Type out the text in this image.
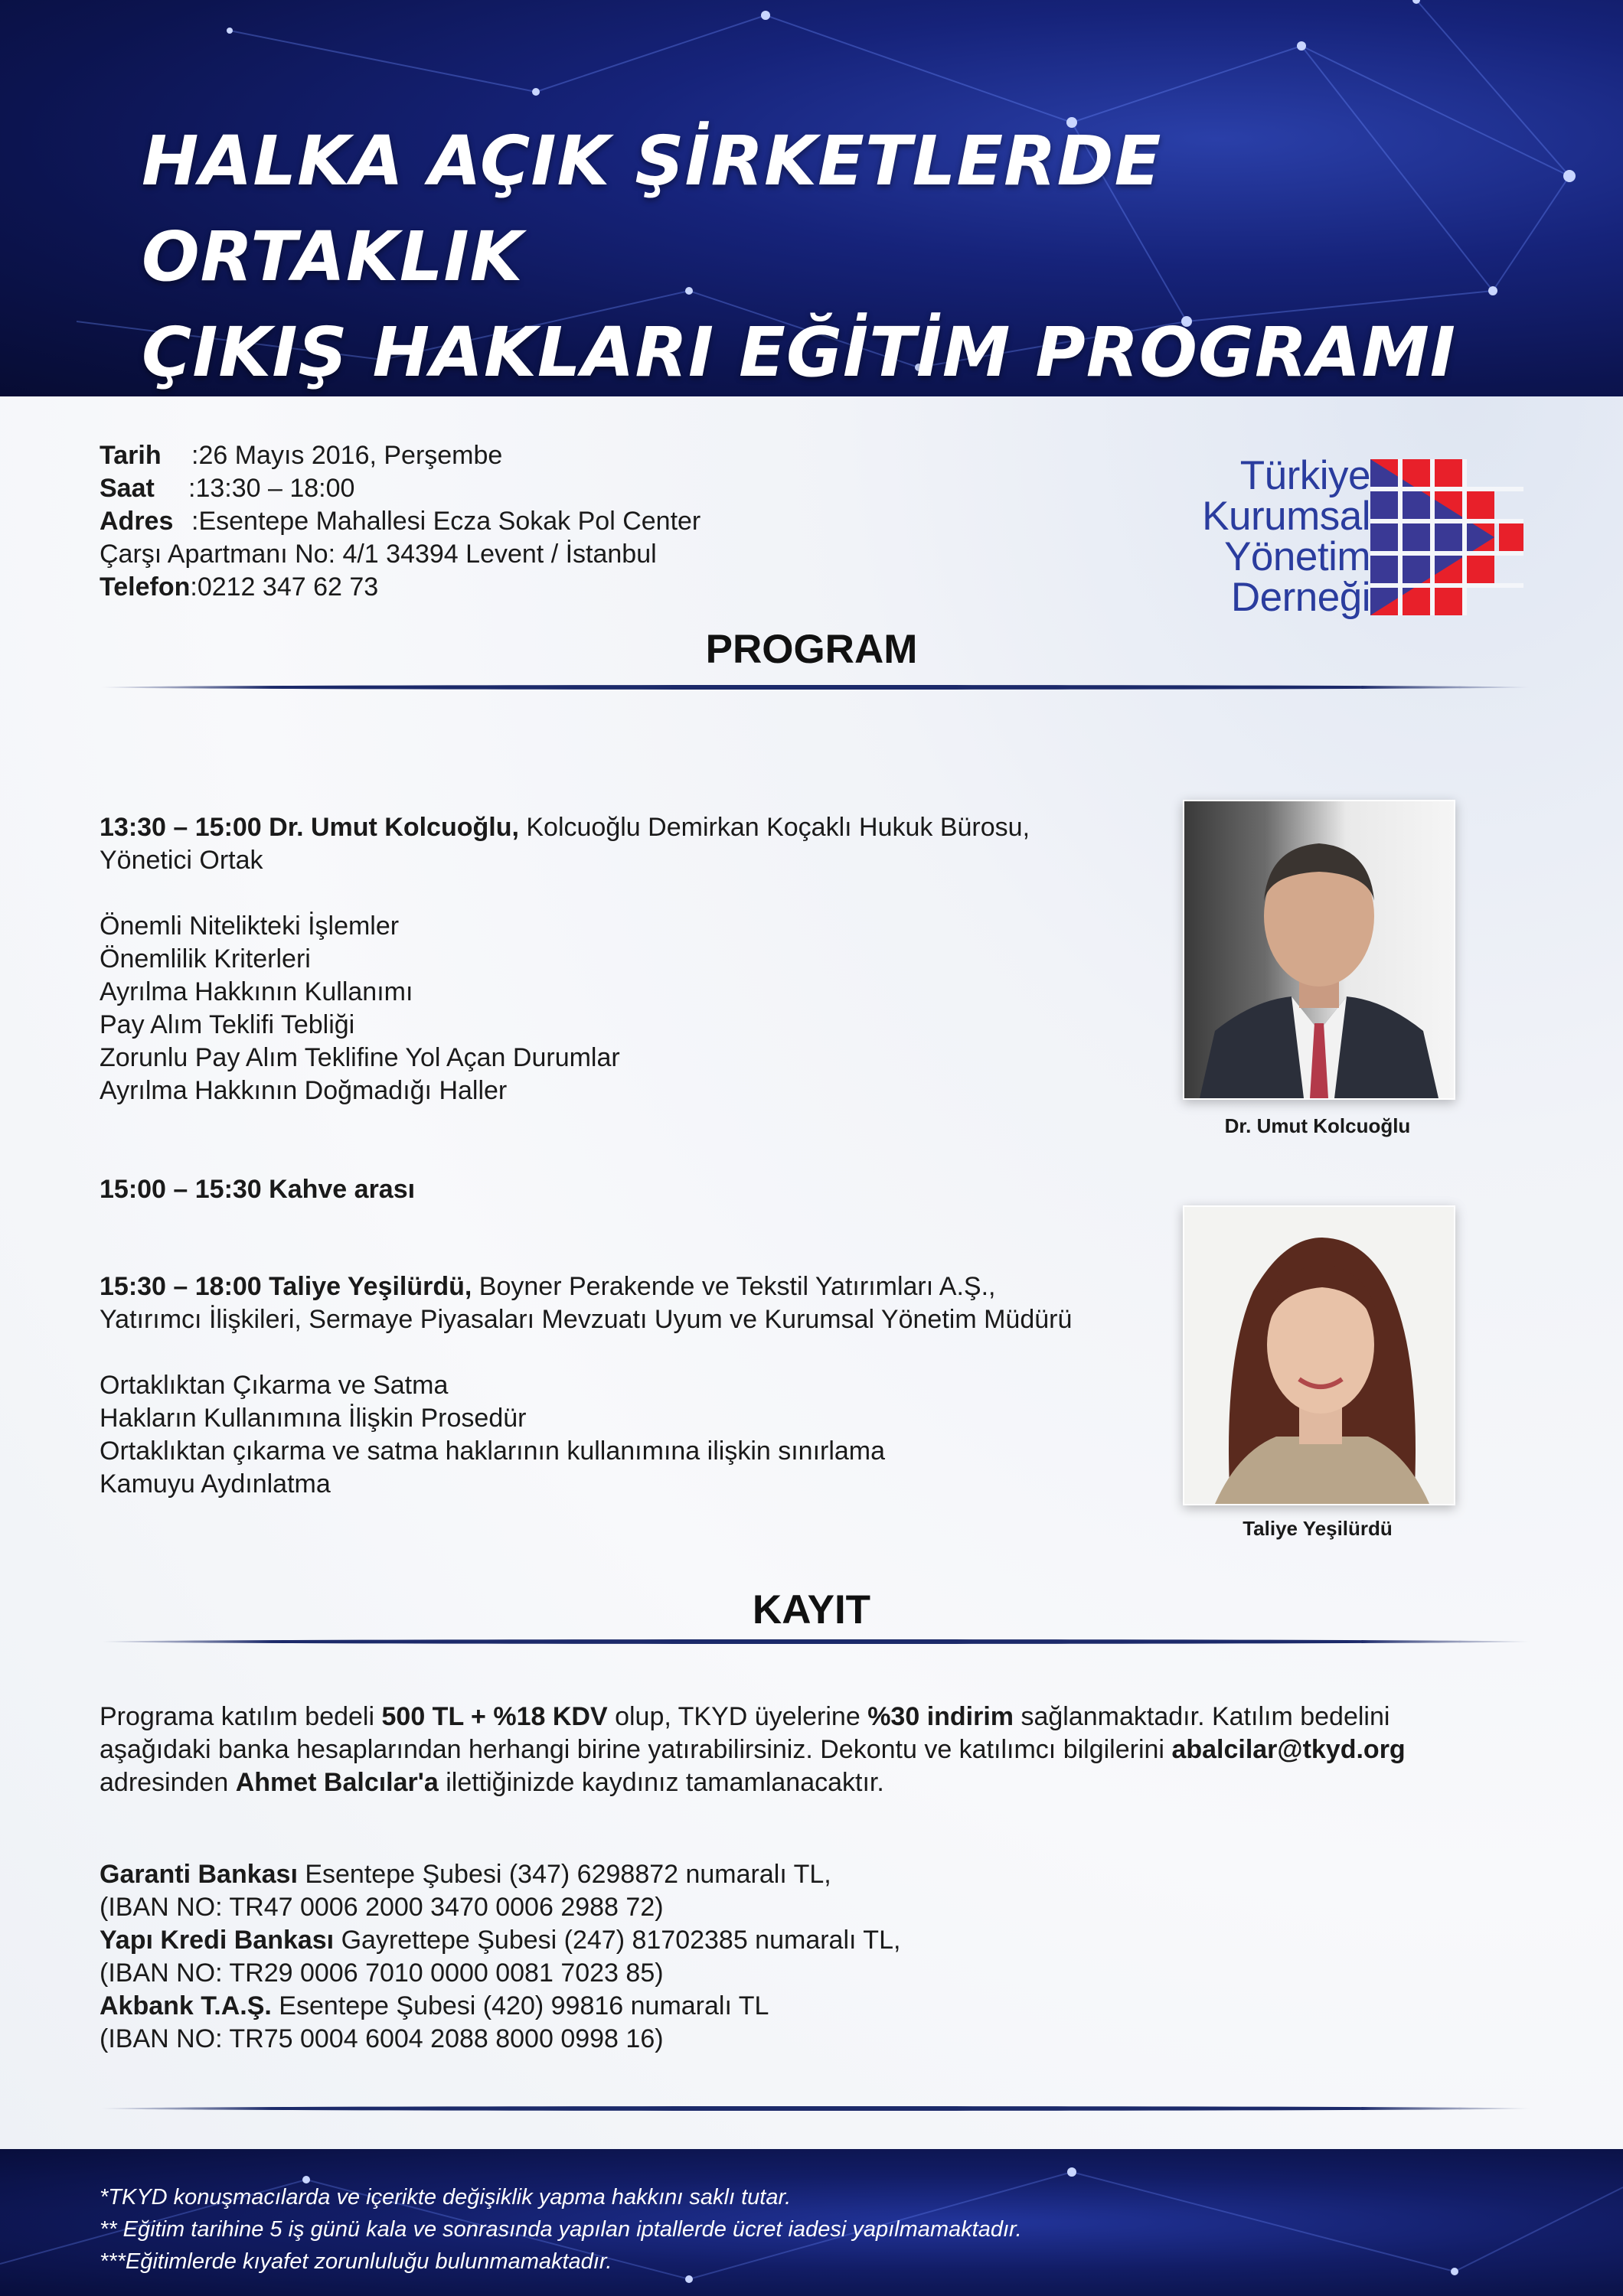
HALKA AÇIK ŞİRKETLERDE ORTAKLIK
ÇIKIŞ HAKLARI EĞİTİM PROGRAMI
Tarih :26 Mayıs 2016, Perşembe
Saat :13:30 – 18:00
Adres :Esentepe Mahallesi Ecza Sokak Pol Center
Çarşı Apartmanı No: 4/1 34394 Levent / İstanbul
Telefon:0212 347 62 73
Türkiye
Kurumsal
Yönetim
Derneği
PROGRAM
13:30 – 15:00 Dr. Umut Kolcuoğlu, Kolcuoğlu Demirkan Koçaklı Hukuk Bürosu,
Yönetici Ortak
Önemli Nitelikteki İşlemler
Önemlilik Kriterleri
Ayrılma Hakkının Kullanımı
Pay Alım Teklifi Tebliği
Zorunlu Pay Alım Teklifine Yol Açan Durumlar
Ayrılma Hakkının Doğmadığı Haller
Dr. Umut Kolcuoğlu
15:00 – 15:30 Kahve arası
15:30 – 18:00 Taliye Yeşilürdü, Boyner Perakende ve Tekstil Yatırımları A.Ş.,
Yatırımcı İlişkileri, Sermaye Piyasaları Mevzuatı Uyum ve Kurumsal Yönetim Müdürü
Ortaklıktan Çıkarma ve Satma
Hakların Kullanımına İlişkin Prosedür
Ortaklıktan çıkarma ve satma haklarının kullanımına ilişkin sınırlama
Kamuyu Aydınlatma
Taliye Yeşilürdü
KAYIT

Programa katılım bedeli 500 TL + %18 KDV olup, TKYD üyelerine %30 indirim sağlanmaktadır. Katılım bedelini

aşağıdaki banka hesaplarından herhangi birine yatırabilirsiniz. Dekontu ve katılımcı bilgilerini abalcilar@tkyd.org

adresinden Ahmet Balcılar'a ilettiğinizde kaydınız tamamlanacaktır.

Garanti Bankası Esentepe Şubesi (347) 6298872 numaralı TL,
(IBAN NO: TR47 0006 2000 3470 0006 2988 72)
Yapı Kredi Bankası Gayrettepe Şubesi (247) 81702385 numaralı TL,
(IBAN NO: TR29 0006 7010 0000 0081 7023 85)
Akbank T.A.Ş. Esentepe Şubesi (420) 99816 numaralı TL
(IBAN NO: TR75 0004 6004 2088 8000 0998 16)
*TKYD konuşmacılarda ve içerikte değişiklik yapma hakkını saklı tutar.
** Eğitim tarihine 5 iş günü kala ve sonrasında yapılan iptallerde ücret iadesi yapılmamaktadır.
***Eğitimlerde kıyafet zorunluluğu bulunmamaktadır.
